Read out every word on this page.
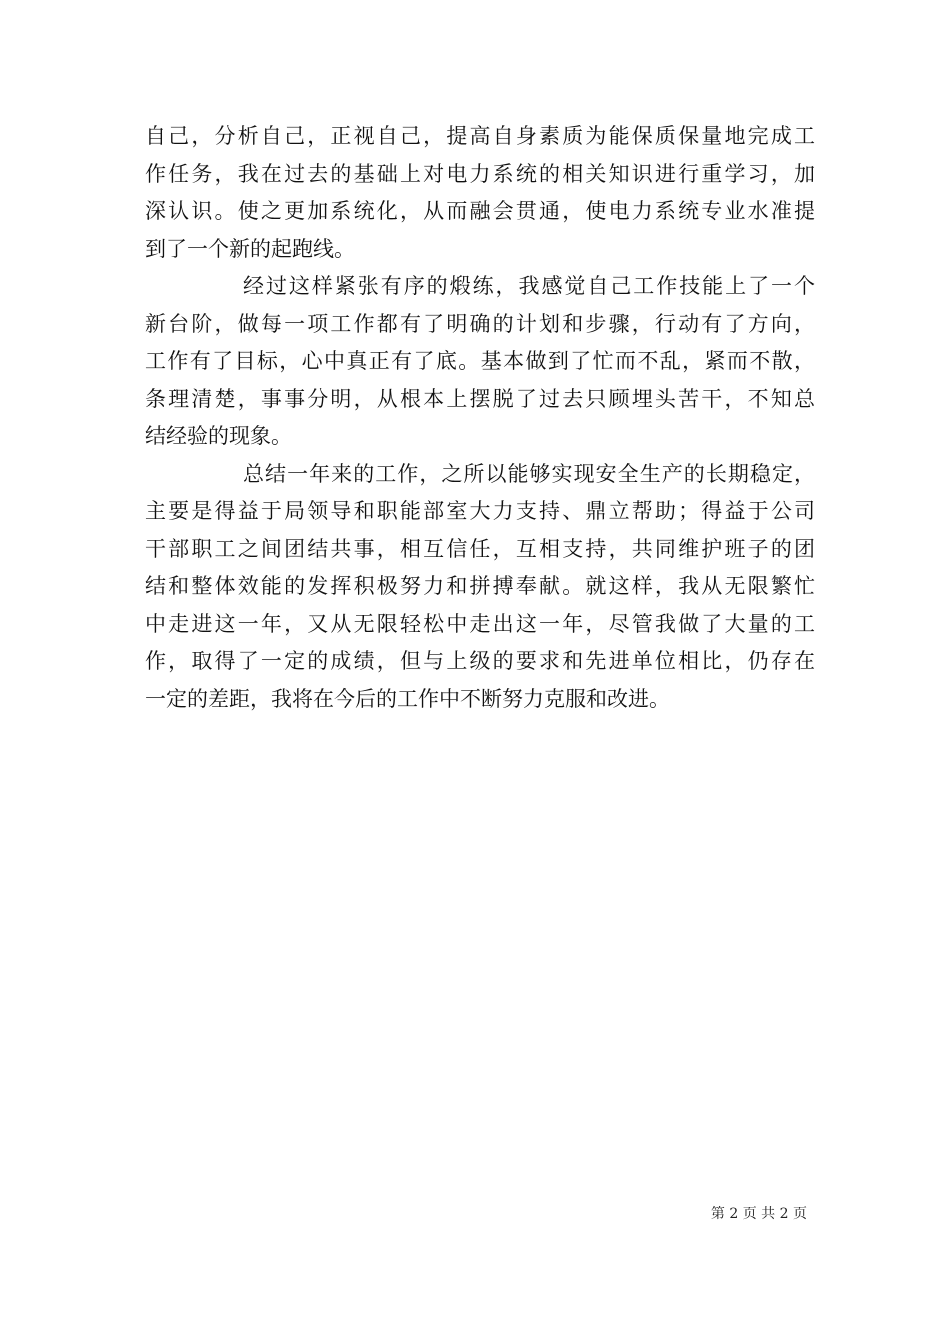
自己，分析自己，正视自己，提高自身素质为能保质保量地完成工
作任务，我在过去的基础上对电力系统的相关知识进行重学习，加
深认识。使之更加系统化，从而融会贯通，使电力系统专业水准提
到了一个新的起跑线。
经过这样紧张有序的煅练，我感觉自己工作技能上了一个
新台阶，做每一项工作都有了明确的计划和步骤，行动有了方向，
工作有了目标，心中真正有了底。基本做到了忙而不乱，紧而不散，
条理清楚，事事分明，从根本上摆脱了过去只顾埋头苦干，不知总
结经验的现象。
总结一年来的工作，之所以能够实现安全生产的长期稳定，
主要是得益于局领导和职能部室大力支持、鼎立帮助；得益于公司
干部职工之间团结共事，相互信任，互相支持，共同维护班子的团
结和整体效能的发挥积极努力和拼搏奉献。就这样，我从无限繁忙
中走进这一年，又从无限轻松中走出这一年，尽管我做了大量的工
作，取得了一定的成绩，但与上级的要求和先进单位相比，仍存在
一定的差距，我将在今后的工作中不断努力克服和改进。
第 2 页 共 2 页
